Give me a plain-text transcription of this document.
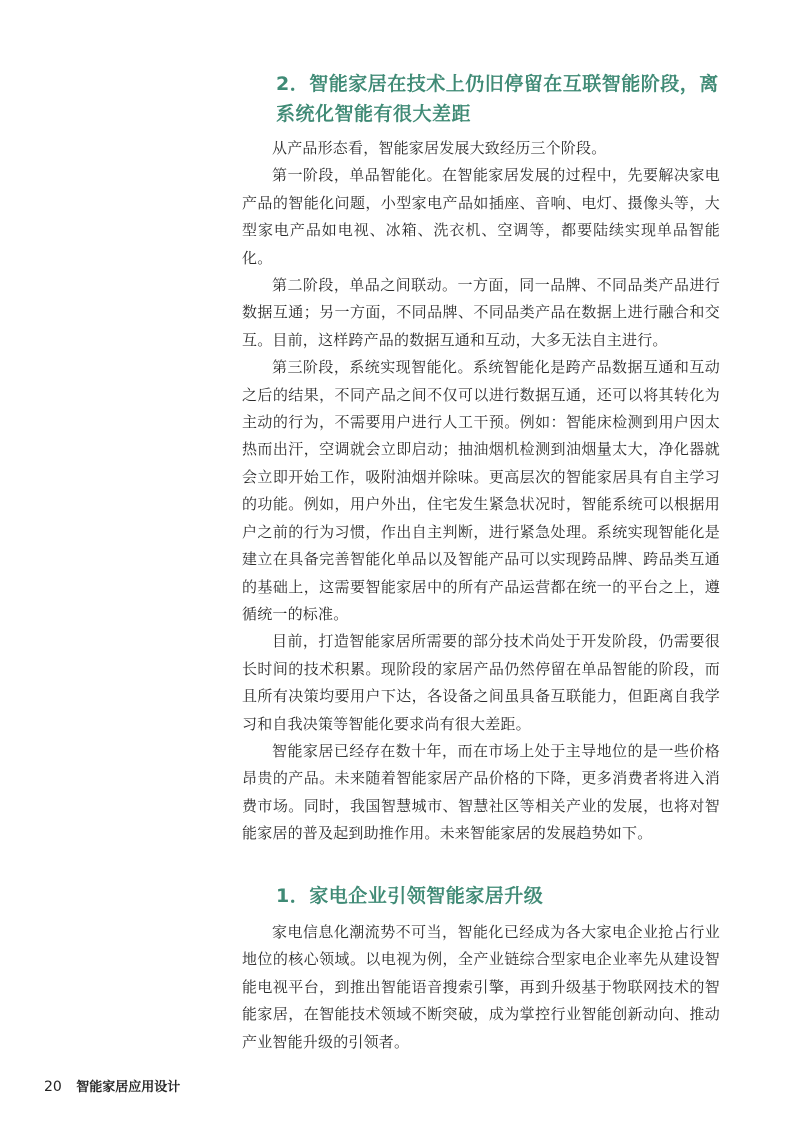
2．智能家居在技术上仍旧停留在互联智能阶段，离系统化智能有很大差距

从产品形态看，智能家居发展大致经历三个阶段。

第一阶段，单品智能化。在智能家居发展的过程中，先要解决家电产品的智能化问题，小型家电产品如插座、音响、电灯、摄像头等，大型家电产品如电视、冰箱、洗衣机、空调等，都要陆续实现单品智能化。

第二阶段，单品之间联动。一方面，同一品牌、不同品类产品进行数据互通；另一方面，不同品牌、不同品类产品在数据上进行融合和交互。目前，这样跨产品的数据互通和互动，大多无法自主进行。

第三阶段，系统实现智能化。系统智能化是跨产品数据互通和互动之后的结果，不同产品之间不仅可以进行数据互通，还可以将其转化为主动的行为，不需要用户进行人工干预。例如：智能床检测到用户因太热而出汗，空调就会立即启动；抽油烟机检测到油烟量太大，净化器就会立即开始工作，吸附油烟并除味。更高层次的智能家居具有自主学习的功能。例如，用户外出，住宅发生紧急状况时，智能系统可以根据用户之前的行为习惯，作出自主判断，进行紧急处理。系统实现智能化是建立在具备完善智能化单品以及智能产品可以实现跨品牌、跨品类互通的基础上，这需要智能家居中的所有产品运营都在统一的平台之上，遵循统一的标准。

目前，打造智能家居所需要的部分技术尚处于开发阶段，仍需要很长时间的技术积累。现阶段的家居产品仍然停留在单品智能的阶段，而且所有决策均要用户下达，各设备之间虽具备互联能力，但距离自我学习和自我决策等智能化要求尚有很大差距。

智能家居已经存在数十年，而在市场上处于主导地位的是一些价格昂贵的产品。未来随着智能家居产品价格的下降，更多消费者将进入消费市场。同时，我国智慧城市、智慧社区等相关产业的发展，也将对智能家居的普及起到助推作用。未来智能家居的发展趋势如下。

1．家电企业引领智能家居升级

家电信息化潮流势不可当，智能化已经成为各大家电企业抢占行业地位的核心领域。以电视为例，全产业链综合型家电企业率先从建设智能电视平台，到推出智能语音搜索引擎，再到升级基于物联网技术的智能家居，在智能技术领域不断突破，成为掌控行业智能创新动向、推动产业智能升级的引领者。

20 智能家居应用设计
